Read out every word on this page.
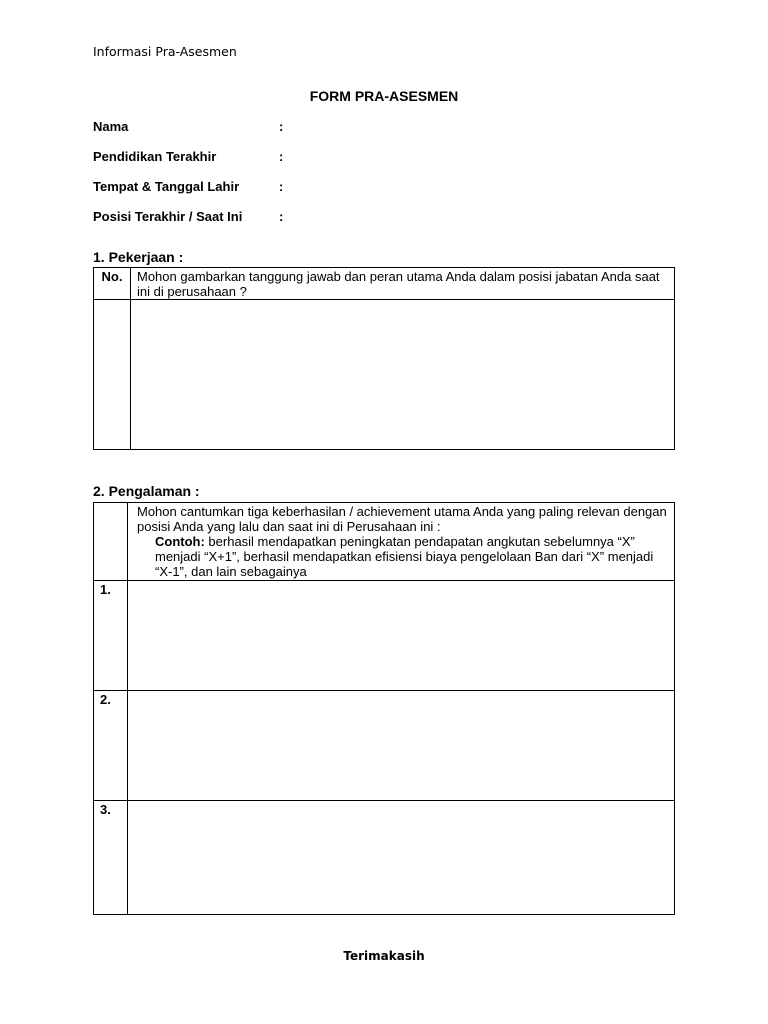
Informasi Pra-Asesmen
FORM PRA-ASESMEN
Nama	:
Pendidikan Terakhir	:
Tempat & Tanggal Lahir	:
Posisi Terakhir / Saat Ini	:
1. Pekerjaan :
No.	Mohon gambarkan tanggung jawab dan peran utama Anda dalam posisi jabatan Anda saat ini di perusahaan ?

2. Pengalaman :

	Mohon cantumkan tiga keberhasilan / achievement utama Anda yang paling relevan dengan posisi Anda yang lalu dan saat ini di Perusahaan ini :
Contoh: berhasil mendapatkan peningkatan pendapatan angkutan sebelumnya “X” menjadi “X+1”, berhasil mendapatkan efisiensi biaya pengelolaan Ban dari “X” menjadi “X-1”, dan lain sebagainya

1.	

2.	

3.	

Terimakasih
